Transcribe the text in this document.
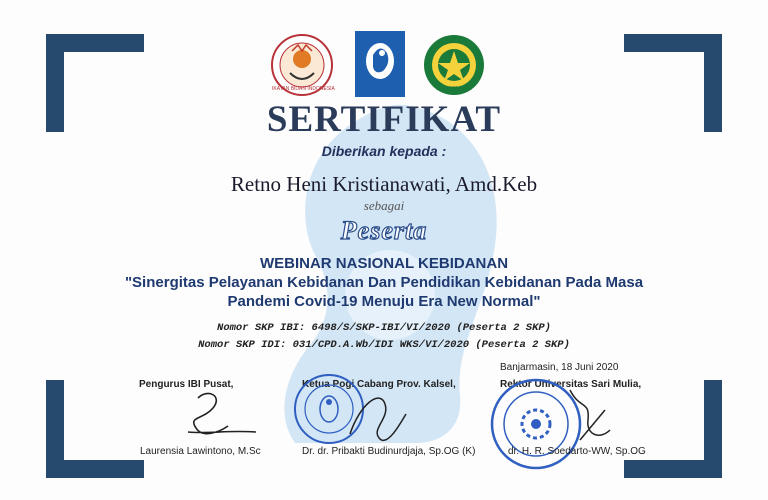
IKATAN BIDAN INDONESIA	BANJARMASIN
SERTIFIKAT
Diberikan kepada :
Retno Heni Kristianawati, Amd.Keb
sebagai
Peserta
WEBINAR NASIONAL KEBIDANAN
"Sinergitas Pelayanan Kebidanan Dan Pendidikan Kebidanan Pada Masa
Pandemi Covid-19 Menuju Era New Normal"
Nomor SKP IBI: 6498/S/SKP-IBI/VI/2020 (Peserta 2 SKP)
Nomor SKP IDI: 031/CPD.A.Wb/IDI WKS/VI/2020 (Peserta 2 SKP)
Banjarmasin, 18 Juni 2020
Pengurus IBI Pusat,	Ketua Pogi Cabang Prov. Kalsel,	Rektor Universitas Sari Mulia,
Laurensia Lawintono, M.Sc	Dr. dr. Pribakti Budinurdjaja, Sp.OG (K)	dr. H. R. Soedarto-WW, Sp.OG
